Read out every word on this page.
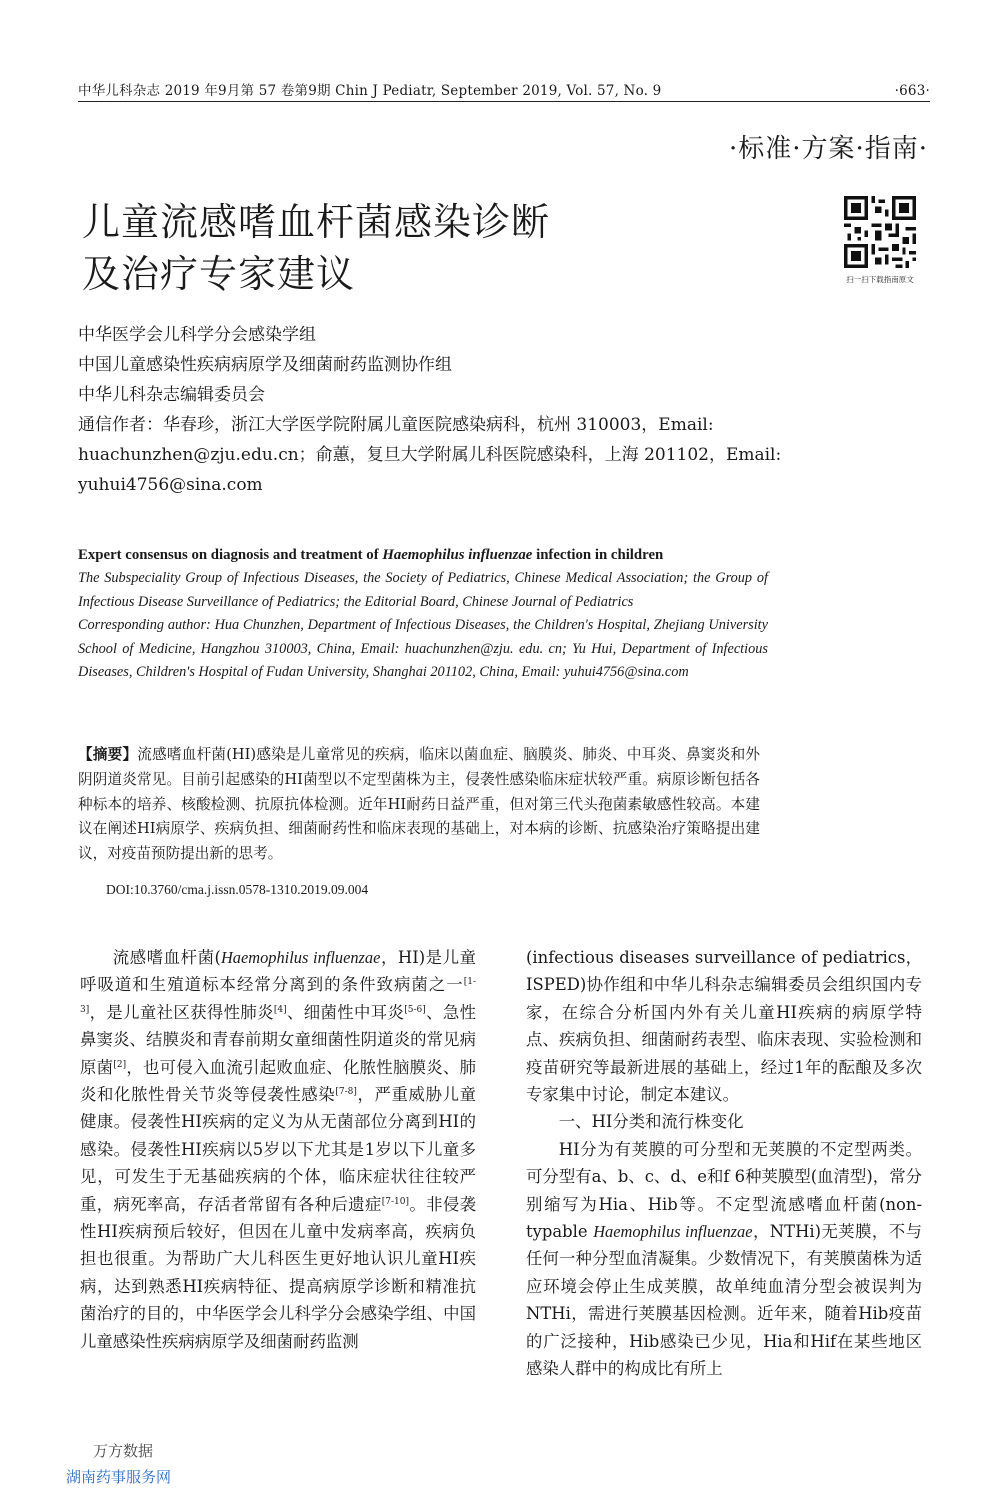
中华儿科杂志 2019 年9月第 57 卷第9期 Chin J Pediatr, September 2019, Vol. 57, No. 9	·663·
·标准·方案·指南·
儿童流感嗜血杆菌感染诊断
及治疗专家建议	扫一扫下载指南原文
中华医学会儿科学分会感染学组
中国儿童感染性疾病病原学及细菌耐药监测协作组
中华儿科杂志编辑委员会
通信作者：华春珍，浙江大学医学院附属儿童医院感染病科，杭州 310003，Email:
huachunzhen@zju.edu.cn；俞蕙，复旦大学附属儿科医院感染科，上海 201102，Email:
yuhui4756@sina.com
Expert consensus on diagnosis and treatment of Haemophilus influenzae infection in children
The Subspeciality Group of Infectious Diseases, the Society of Pediatrics, Chinese Medical Association; the Group of Infectious Disease Surveillance of Pediatrics; the Editorial Board, Chinese Journal of Pediatrics
Corresponding author: Hua Chunzhen, Department of Infectious Diseases, the Children's Hospital, Zhejiang University School of Medicine, Hangzhou 310003, China, Email: huachunzhen@zju. edu. cn; Yu Hui, Department of Infectious Diseases, Children's Hospital of Fudan University, Shanghai 201102, China, Email: yuhui4756@sina.com
【摘要】流感嗜血杆菌(HI)感染是儿童常见的疾病，临床以菌血症、脑膜炎、肺炎、中耳炎、鼻窦炎和外阴阴道炎常见。目前引起感染的HI菌型以不定型菌株为主，侵袭性感染临床症状较严重。病原诊断包括各种标本的培养、核酸检测、抗原抗体检测。近年HI耐药日益严重，但对第三代头孢菌素敏感性较高。本建议在阐述HI病原学、疾病负担、细菌耐药性和临床表现的基础上，对本病的诊断、抗感染治疗策略提出建议，对疫苗预防提出新的思考。
DOI:10.3760/cma.j.issn.0578-1310.2019.09.004

流感嗜血杆菌(Haemophilus influenzae，HI)是儿童呼吸道和生殖道标本经常分离到的条件致病菌之一[1-3]，是儿童社区获得性肺炎[4]、细菌性中耳炎[5-6]、急性鼻窦炎、结膜炎和青春前期女童细菌性阴道炎的常见病原菌[2]，也可侵入血流引起败血症、化脓性脑膜炎、肺炎和化脓性骨关节炎等侵袭性感染[7-8]，严重威胁儿童健康。侵袭性HI疾病的定义为从无菌部位分离到HI的感染。侵袭性HI疾病以5岁以下尤其是1岁以下儿童多见，可发生于无基础疾病的个体，临床症状往往较严重，病死率高，存活者常留有各种后遗症[7-10]。非侵袭性HI疾病预后较好，但因在儿童中发病率高，疾病负担也很重。为帮助广大儿科医生更好地认识儿童HI疾病，达到熟悉HI疾病特征、提高病原学诊断和精准抗菌治疗的目的，中华医学会儿科学分会感染学组、中国儿童感染性疾病病原学及细菌耐药监测

(infectious diseases surveillance of pediatrics，ISPED)协作组和中华儿科杂志编辑委员会组织国内专家，在综合分析国内外有关儿童HI疾病的病原学特点、疾病负担、细菌耐药表型、临床表现、实验检测和疫苗研究等最新进展的基础上，经过1年的酝酿及多次专家集中讨论，制定本建议。

一、HI分类和流行株变化

HI分为有荚膜的可分型和无荚膜的不定型两类。可分型有a、b、c、d、e和f 6种荚膜型(血清型)，常分别缩写为Hia、Hib等。不定型流感嗜血杆菌(non-typable Haemophilus influenzae，NTHi)无荚膜，不与任何一种分型血清凝集。少数情况下，有荚膜菌株为适应环境会停止生成荚膜，故单纯血清分型会被误判为NTHi，需进行荚膜基因检测。近年来，随着Hib疫苗的广泛接种，Hib感染已少见，Hia和Hif在某些地区感染人群中的构成比有所上

万方数据
湖南药事服务网
